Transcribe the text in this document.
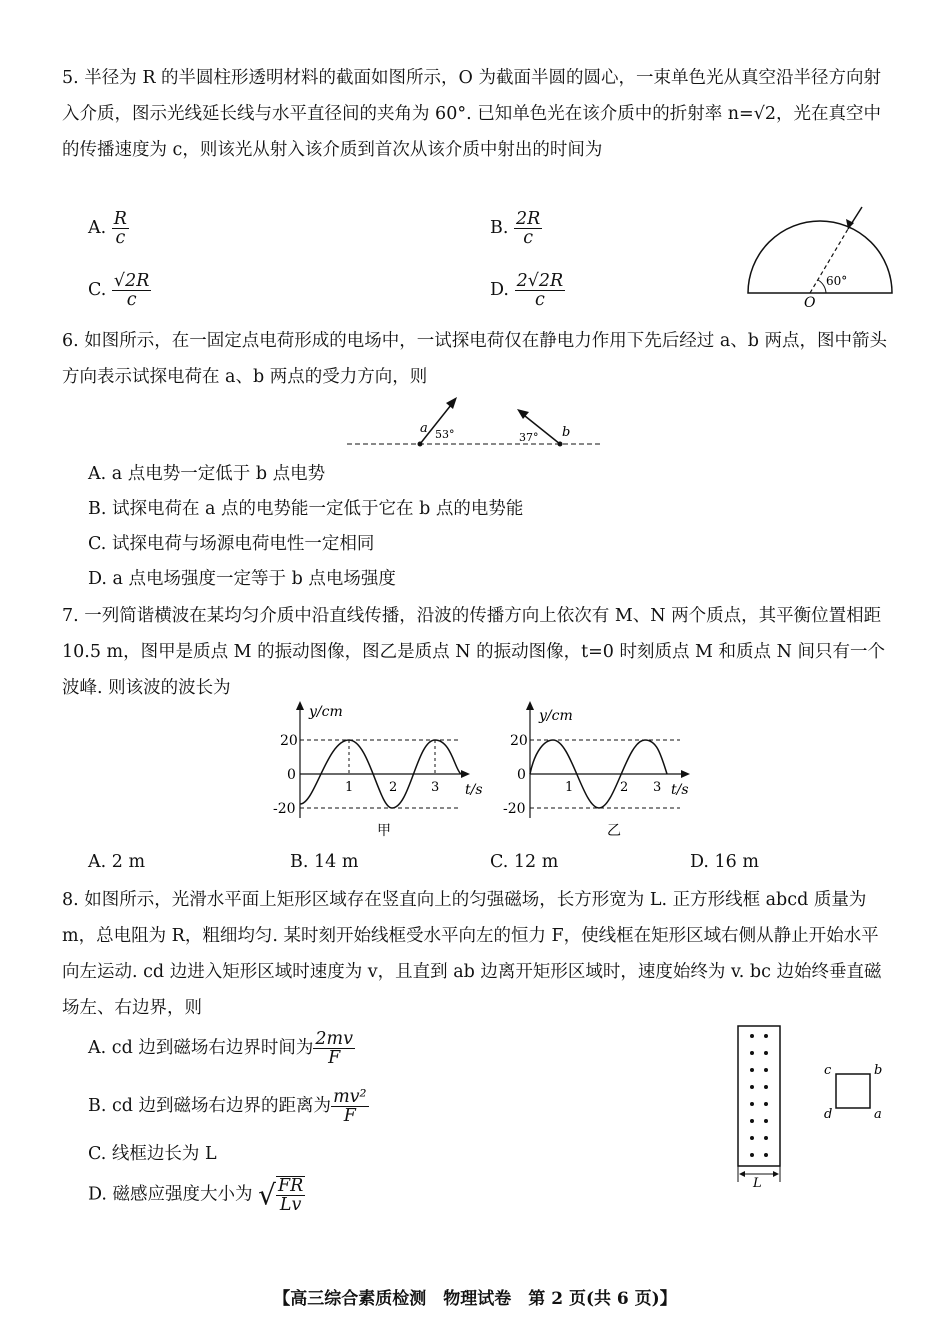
5. 半径为 R 的半圆柱形透明材料的截面如图所示，O 为截面半圆的圆心，一束单色光从真空沿半径方向射入介质，图示光线延长线与水平直径间的夹角为 60°. 已知单色光在该介质中的折射率 n=√2，光在真空中的传播速度为 c，则该光从射入该介质到首次从该介质中射出的时间为
A. $\frac{R}{c}$	B. $\frac{2R}{c}$
C. $\frac{√2R}{c}$	D. $\frac{2√2R}{c}$	60°
O
6. 如图所示，在一固定点电荷形成的电场中，一试探电荷仅在静电力作用下先后经过 a、b 两点，图中箭头方向表示试探电荷在 a、b 两点的受力方向，则
a 53°	b
37°
A. a 点电势一定低于 b 点电势
B. 试探电荷在 a 点的电势能一定低于它在 b 点的电势能
C. 试探电荷与场源电荷电性一定相同
D. a 点电场强度一定等于 b 点电场强度
7. 一列简谐横波在某均匀介质中沿直线传播，沿波的传播方向上依次有 M、N 两个质点，其平衡位置相距 10.5 m，图甲是质点 M 的振动图像，图乙是质点 N 的振动图像，t=0 时刻质点 M 和质点 N 间只有一个波峰. 则该波的波长为
y/cm
20
0
-20
1	2	3 t/s
甲
y/cm
20
0
-20
1	2 3 t/s
乙
A. 2 m	B. 14 m	C. 12 m	D. 16 m
8. 如图所示，光滑水平面上矩形区域存在竖直向上的匀强磁场，长方形宽为 L. 正方形线框 abcd 质量为 m，总电阻为 R，粗细均匀. 某时刻开始线框受水平向左的恒力 F，使线框在矩形区域右侧从静止开始水平向左运动. cd 边进入矩形区域时速度为 v，且直到 ab 边离开矩形区域时，速度始终为 v. bc 边始终垂直磁场左、右边界，则
A. cd 边到磁场右边界时间为 $\frac{2mv}{F}$
B. cd 边到磁场右边界的距离为 $\frac{\text{mv²}}{F}$
C. 线框边长为 L
D. 磁感应强度大小为 √ $\frac{FR}{Lv}$	L
c	b
d	a
【高三综合素质检测　物理试卷　第 2 页(共 6 页)】
